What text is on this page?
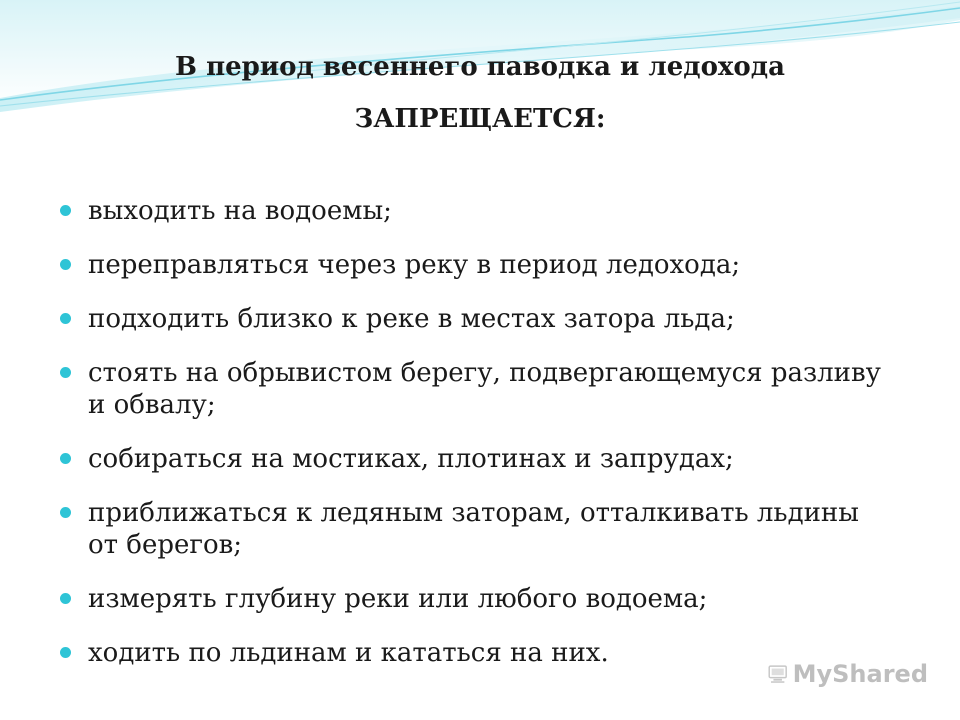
В период весеннего паводка и ледохода
ЗАПРЕЩАЕТСЯ:
выходить на водоемы;
переправляться через реку в период ледохода;
подходить близко к реке в местах затора льда;
стоять на обрывистом берегу, подвергающемуся разливу и обвалу;
собираться на мостиках, плотинах и запрудах;
приближаться к ледяным заторам, отталкивать льдины от берегов;
измерять глубину реки или любого водоема;
ходить по льдинам и кататься на них.
MyShared
